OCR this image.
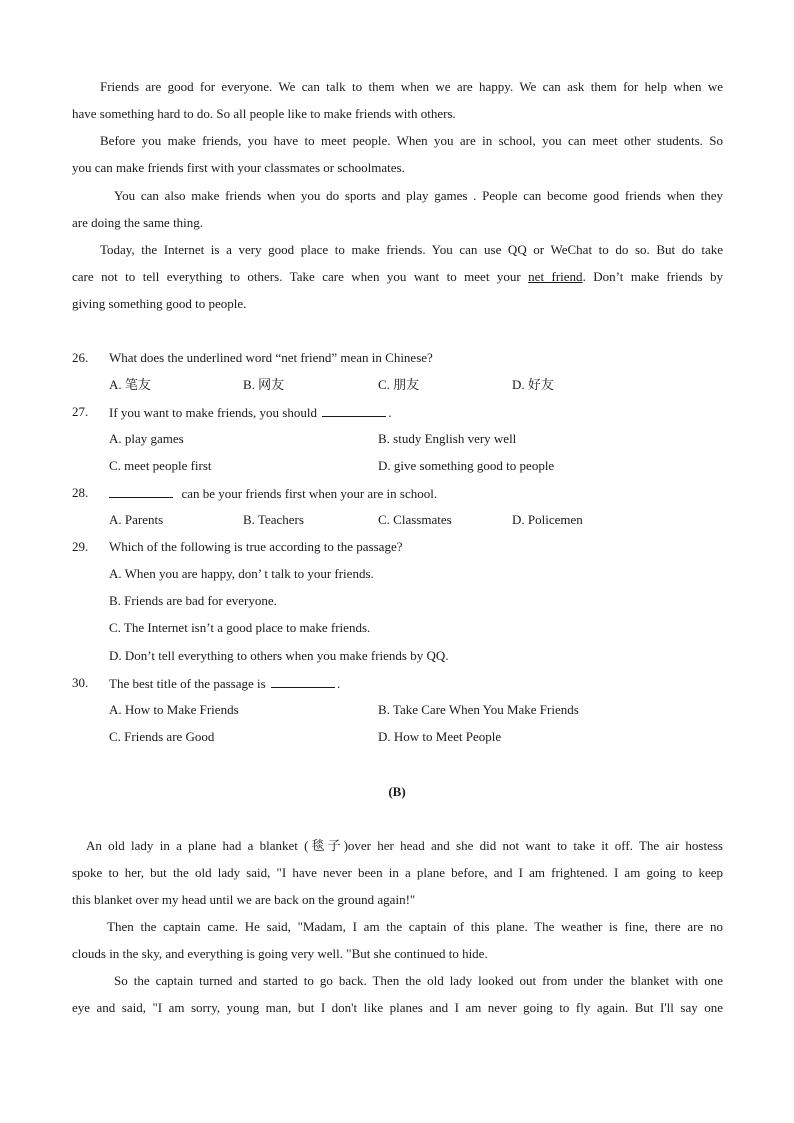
Friends are good for everyone. We can talk to them when we are happy. We can ask them for help when we
have something hard to do. So all people like to make friends with others.
Before you make friends, you have to meet people. When you are in school, you can meet other students. So
you can make friends first with your classmates or schoolmates.
You can also make friends when you do sports and play games . People can become good friends when they
are doing the same thing.
Today, the Internet is a very good place to make friends. You can use QQ or WeChat to do so. But do take
care not to tell everything to others. Take care when you want to meet your net friend. Don’t make friends by
giving something good to people.
26. What does the underlined word “net friend” mean in Chinese?
A. 笔友	B. 网友	C. 朋友	D. 好友
27. If you want to make friends, you should	.
A. play games	B. study English very well
C. meet people first	D. give something good to people
28.	can be your friends first when your are in school.
A. Parents	B. Teachers	C. Classmates	D. Policemen
29. Which of the following is true according to the passage?
A. When you are happy, don’ t talk to your friends.
B. Friends are bad for everyone.
C. The Internet isn’t a good place to make friends.
D. Don’t tell everything to others when you make friends by QQ.
30. The best title of the passage is	.
A. How to Make Friends	B. Take Care When You Make Friends
C. Friends are Good	D. How to Meet People
(B)
An old lady in a plane had a blanket (毯子)over her head and she did not want to take it off. The air hostess
spoke to her, but the old lady said, "I have never been in a plane before, and I am frightened. I am going to keep
this blanket over my head until we are back on the ground again!"
Then the captain came. He said, "Madam, I am the captain of this plane. The weather is fine, there are no
clouds in the sky, and everything is going very well. "But she continued to hide.
So the captain turned and started to go back. Then the old lady looked out from under the blanket with one
eye and said, "I am sorry, young man, but I don't like planes and I am never going to fly again. But I'll say one
